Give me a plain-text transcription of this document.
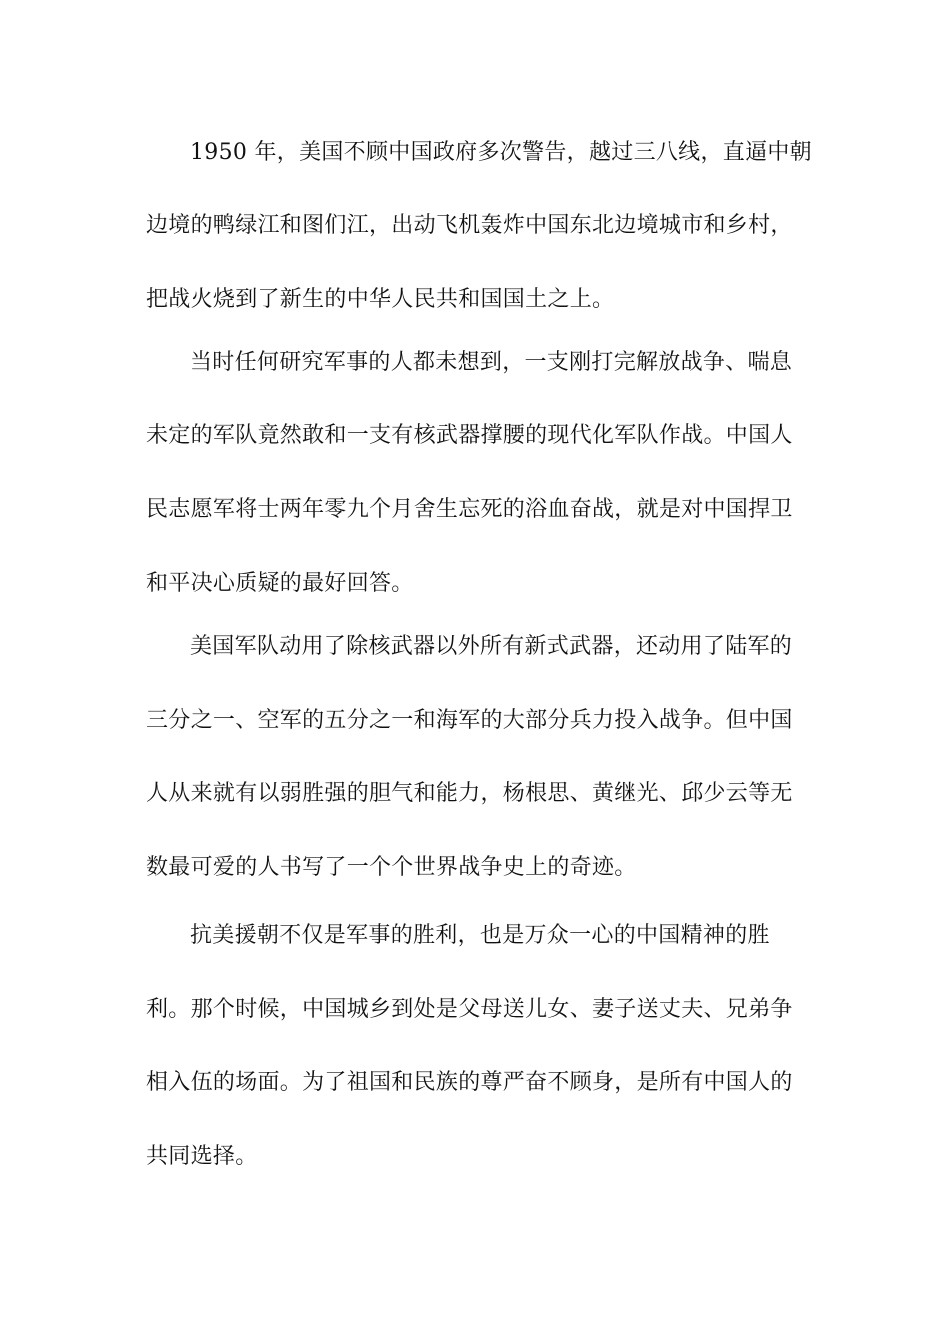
1950 年，美国不顾中国政府多次警告，越过三八线，直逼中朝
边境的鸭绿江和图们江，出动飞机轰炸中国东北边境城市和乡村，
把战火烧到了新生的中华人民共和国国土之上。
当时任何研究军事的人都未想到，一支刚打完解放战争、喘息
未定的军队竟然敢和一支有核武器撑腰的现代化军队作战。中国人
民志愿军将士两年零九个月舍生忘死的浴血奋战，就是对中国捍卫
和平决心质疑的最好回答。
美国军队动用了除核武器以外所有新式武器，还动用了陆军的
三分之一、空军的五分之一和海军的大部分兵力投入战争。但中国
人从来就有以弱胜强的胆气和能力，杨根思、黄继光、邱少云等无
数最可爱的人书写了一个个世界战争史上的奇迹。
抗美援朝不仅是军事的胜利，也是万众一心的中国精神的胜
利。那个时候，中国城乡到处是父母送儿女、妻子送丈夫、兄弟争
相入伍的场面。为了祖国和民族的尊严奋不顾身，是所有中国人的
共同选择。
